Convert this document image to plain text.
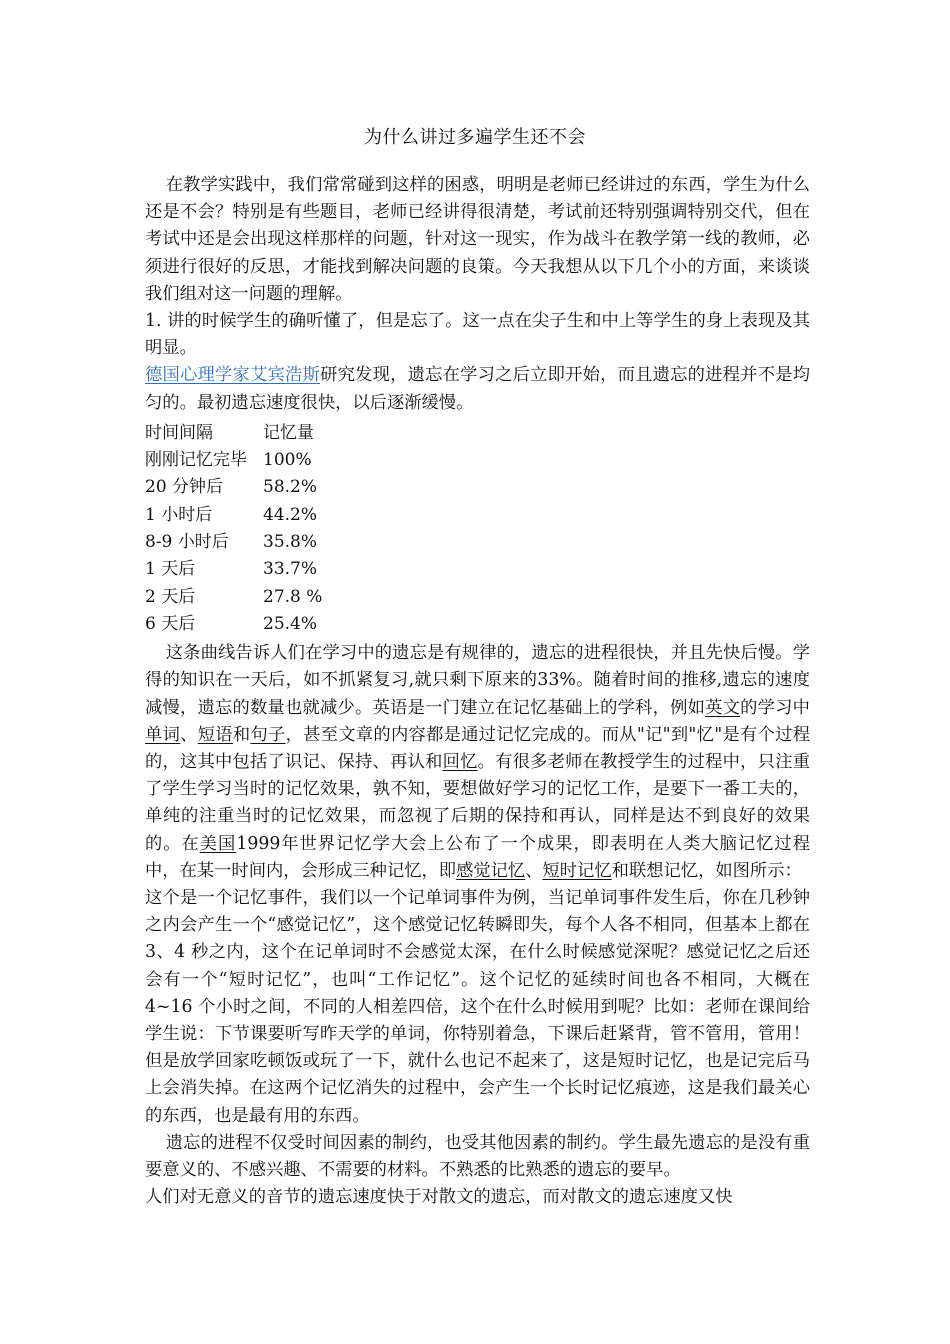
为什么讲过多遍学生还不会

在教学实践中，我们常常碰到这样的困惑，明明是老师已经讲过的东西，学生为什么还是不会？特别是有些题目，老师已经讲得很清楚，考试前还特别强调特别交代，但在考试中还是会出现这样那样的问题，针对这一现实，作为战斗在教学第一线的教师，必须进行很好的反思，才能找到解决问题的良策。今天我想从以下几个小的方面，来谈谈我们组对这一问题的理解。

1. 讲的时候学生的确听懂了，但是忘了。这一点在尖子生和中上等学生的身上表现及其明显。

德国心理学家艾宾浩斯研究发现，遗忘在学习之后立即开始，而且遗忘的进程并不是均匀的。最初遗忘速度很快，以后逐渐缓慢。

时间间隔	记忆量
刚刚记忆完毕	100%
20 分钟后	58.2%
1 小时后	44.2%
8-9 小时后	35.8%
1 天后	33.7%
2 天后	27.8 %
6 天后	25.4%

这条曲线告诉人们在学习中的遗忘是有规律的，遗忘的进程很快，并且先快后慢。学得的知识在一天后，如不抓紧复习,就只剩下原来的33%。随着时间的推移,遗忘的速度减慢，遗忘的数量也就减少。英语是一门建立在记忆基础上的学科，例如英文的学习中单词、短语和句子，甚至文章的内容都是通过记忆完成的。而从"记"到"忆"是有个过程的，这其中包括了识记、保持、再认和回忆。有很多老师在教授学生的过程中，只注重了学生学习当时的记忆效果，孰不知，要想做好学习的记忆工作，是要下一番工夫的，单纯的注重当时的记忆效果，而忽视了后期的保持和再认，同样是达不到良好的效果的。在美国1999年世界记忆学大会上公布了一个成果，即表明在人类大脑记忆过程中，在某一时间内，会形成三种记忆，即感觉记忆、短时记忆和联想记忆，如图所示：

这个是一个记忆事件，我们以一个记单词事件为例，当记单词事件发生后，你在几秒钟之内会产生一个“感觉记忆”，这个感觉记忆转瞬即失，每个人各不相同，但基本上都在 3、4 秒之内，这个在记单词时不会感觉太深，在什么时候感觉深呢？感觉记忆之后还会有一个“短时记忆”，也叫“工作记忆”。这个记忆的延续时间也各不相同，大概在 4~16 个小时之间，不同的人相差四倍，这个在什么时候用到呢？比如：老师在课间给学生说：下节课要听写昨天学的单词，你特别着急，下课后赶紧背，管不管用，管用！但是放学回家吃顿饭或玩了一下，就什么也记不起来了，这是短时记忆，也是记完后马上会消失掉。在这两个记忆消失的过程中，会产生一个长时记忆痕迹，这是我们最关心的东西，也是最有用的东西。

遗忘的进程不仅受时间因素的制约，也受其他因素的制约。学生最先遗忘的是没有重要意义的、不感兴趣、不需要的材料。不熟悉的比熟悉的遗忘的要早。

人们对无意义的音节的遗忘速度快于对散文的遗忘，而对散文的遗忘速度又快
